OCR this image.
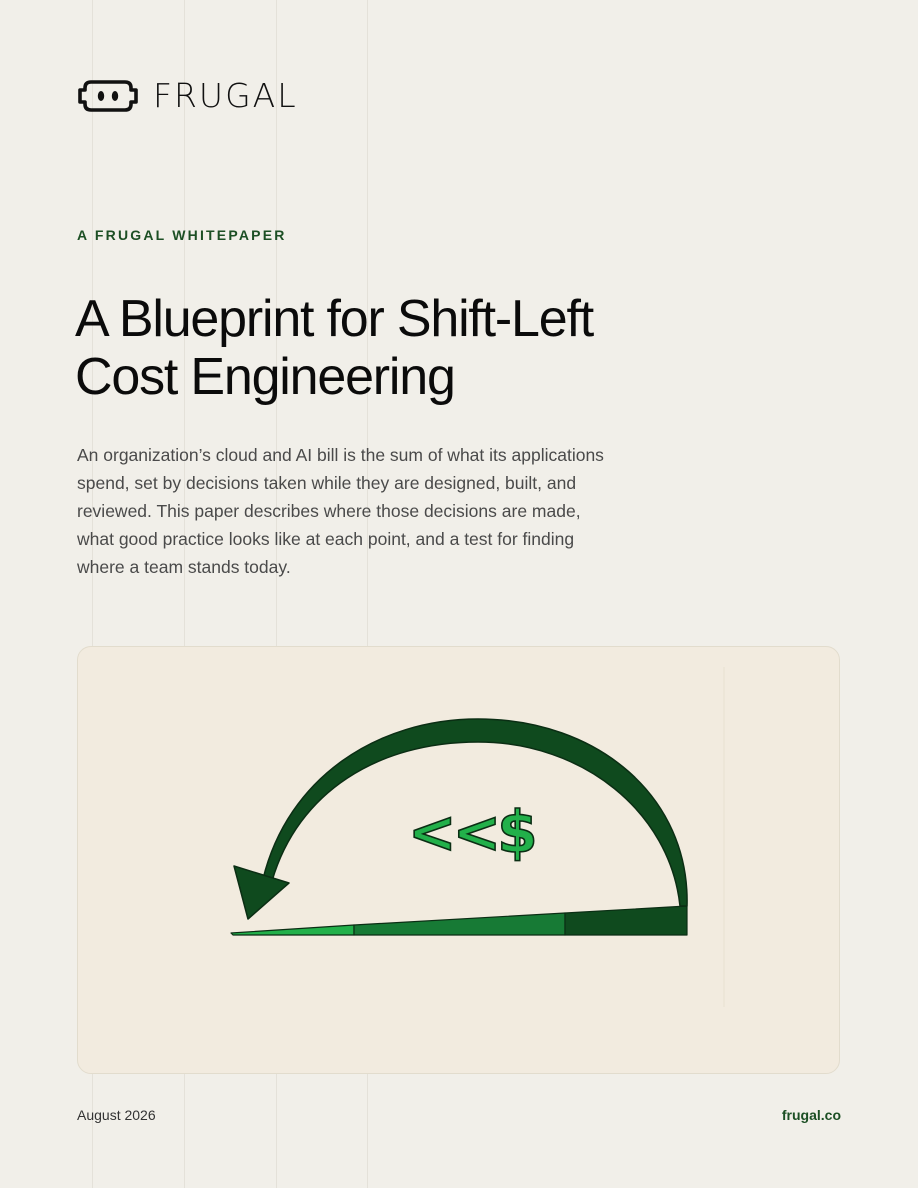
FRUGAL
A FRUGAL WHITEPAPER
A Blueprint for Shift-Left
Cost Engineering

An organization’s cloud and AI bill is the sum of what its applications spend, set by decisions taken while they are designed, built, and reviewed. This paper describes where those decisions are made, what good practice looks like at each point, and a test for finding where a team stands today.

<<$
August 2026	frugal.co
